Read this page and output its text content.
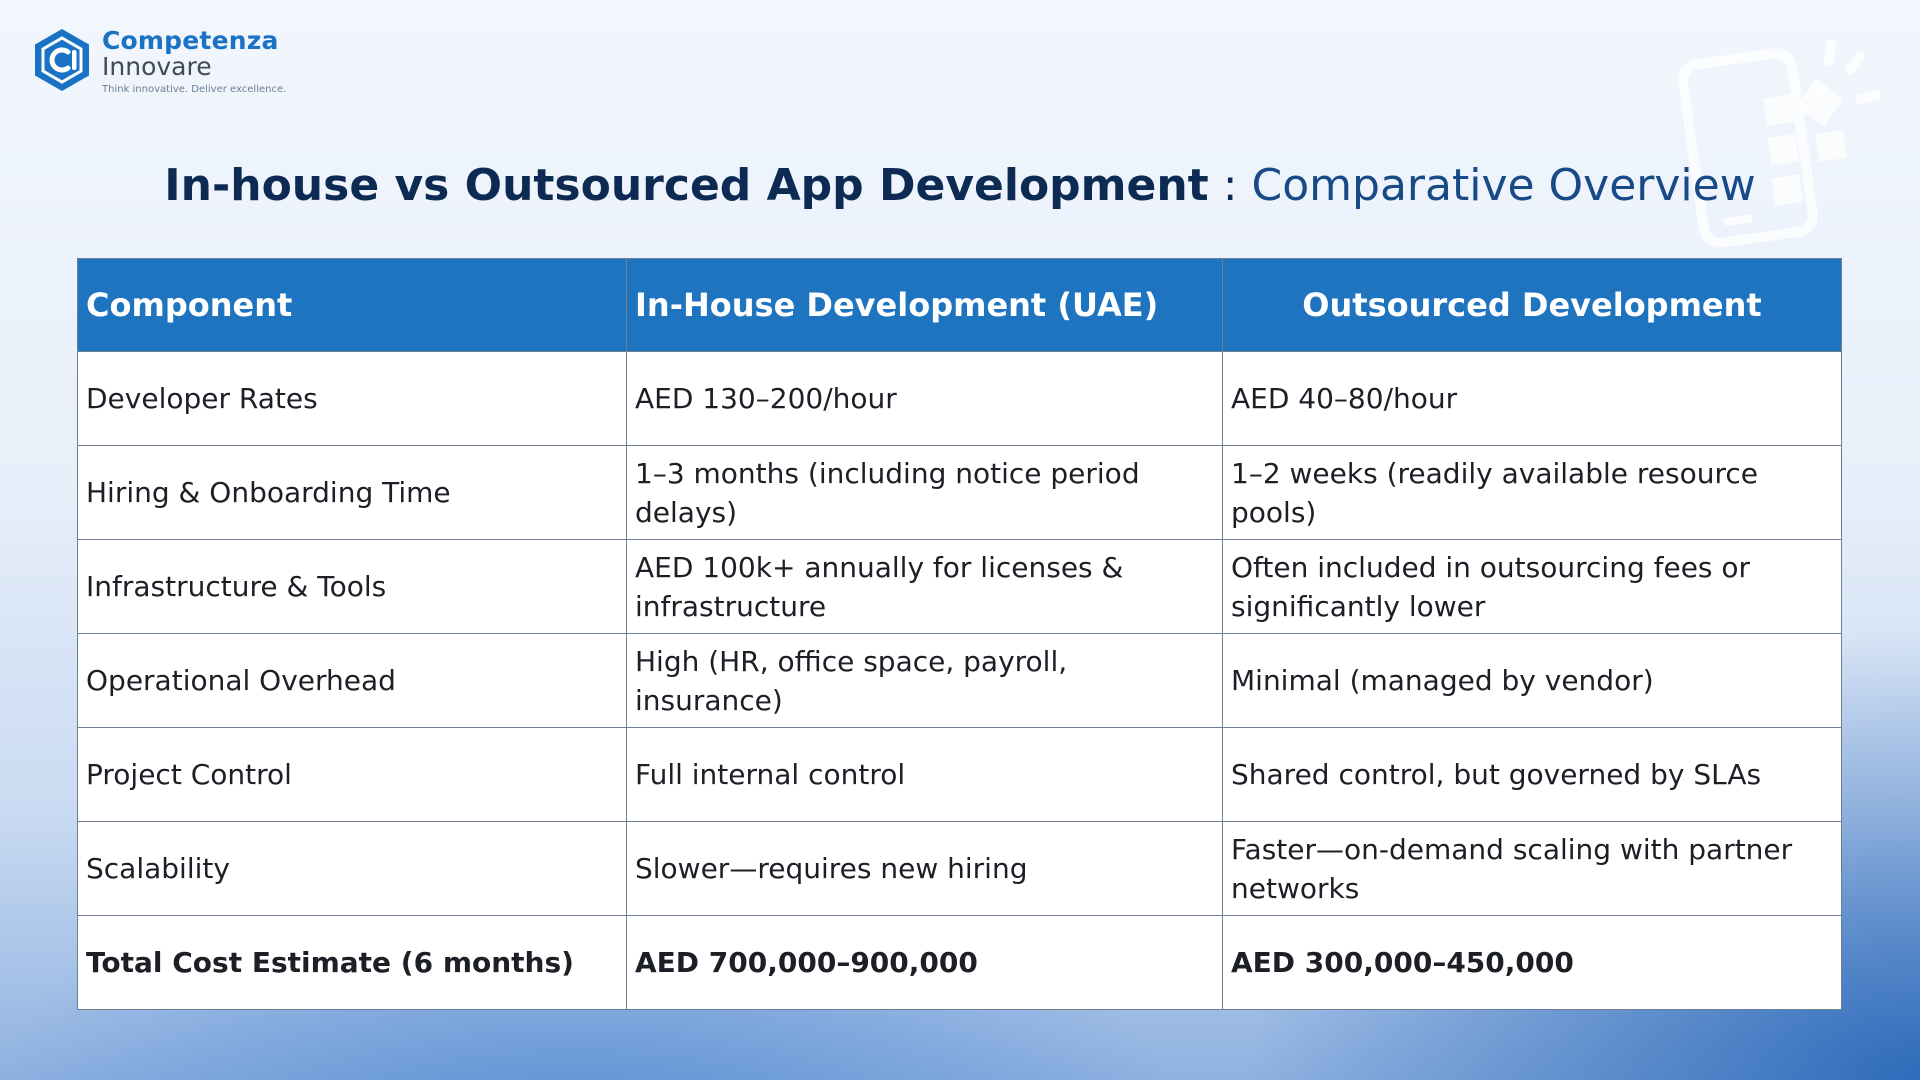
Competenza
Innovare
Think innovative. Deliver excellence.
In-house vs Outsourced App Development : Comparative Overview
Component	In-House Development (UAE)	Outsourced Development
Developer Rates	AED 130–200/hour	AED 40–80/hour
Hiring & Onboarding Time	1–3 months (including notice period delays)	1–2 weeks (readily available resource pools)
Infrastructure & Tools	AED 100k+ annually for licenses & infrastructure	Often included in outsourcing fees or significantly lower
Operational Overhead	High (HR, office space, payroll, insurance)	Minimal (managed by vendor)
Project Control	Full internal control	Shared control, but governed by SLAs
Scalability	Slower—requires new hiring	Faster—on-demand scaling with partner networks
Total Cost Estimate (6 months)	AED 700,000–900,000	AED 300,000–450,000
